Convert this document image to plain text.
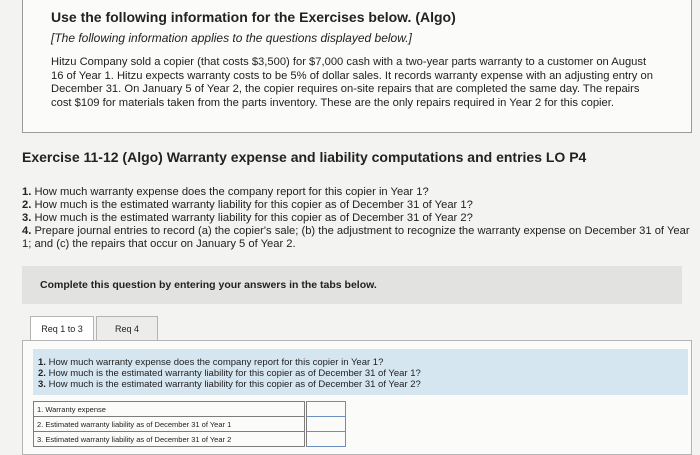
Use the following information for the Exercises below. (Algo)
[The following information applies to the questions displayed below.]
Hitzu Company sold a copier (that costs $3,500) for $7,000 cash with a two-year parts warranty to a customer on August 16 of Year 1. Hitzu expects warranty costs to be 5% of dollar sales. It records warranty expense with an adjusting entry on December 31. On January 5 of Year 2, the copier requires on-site repairs that are completed the same day. The repairs cost $109 for materials taken from the parts inventory. These are the only repairs required in Year 2 for this copier.
Exercise 11-12 (Algo) Warranty expense and liability computations and entries LO P4
1. How much warranty expense does the company report for this copier in Year 1?
2. How much is the estimated warranty liability for this copier as of December 31 of Year 1?
3. How much is the estimated warranty liability for this copier as of December 31 of Year 2?
4. Prepare journal entries to record (a) the copier's sale; (b) the adjustment to recognize the warranty expense on December 31 of Year 1; and (c) the repairs that occur on January 5 of Year 2.
Complete this question by entering your answers in the tabs below.
Req 1 to 3	Req 4
1. How much warranty expense does the company report for this copier in Year 1?
2. How much is the estimated warranty liability for this copier as of December 31 of Year 1?
3. How much is the estimated warranty liability for this copier as of December 31 of Year 2?
1. Warranty expense		
2. Estimated warranty liability as of December 31 of Year 1		
3. Estimated warranty liability as of December 31 of Year 2		
